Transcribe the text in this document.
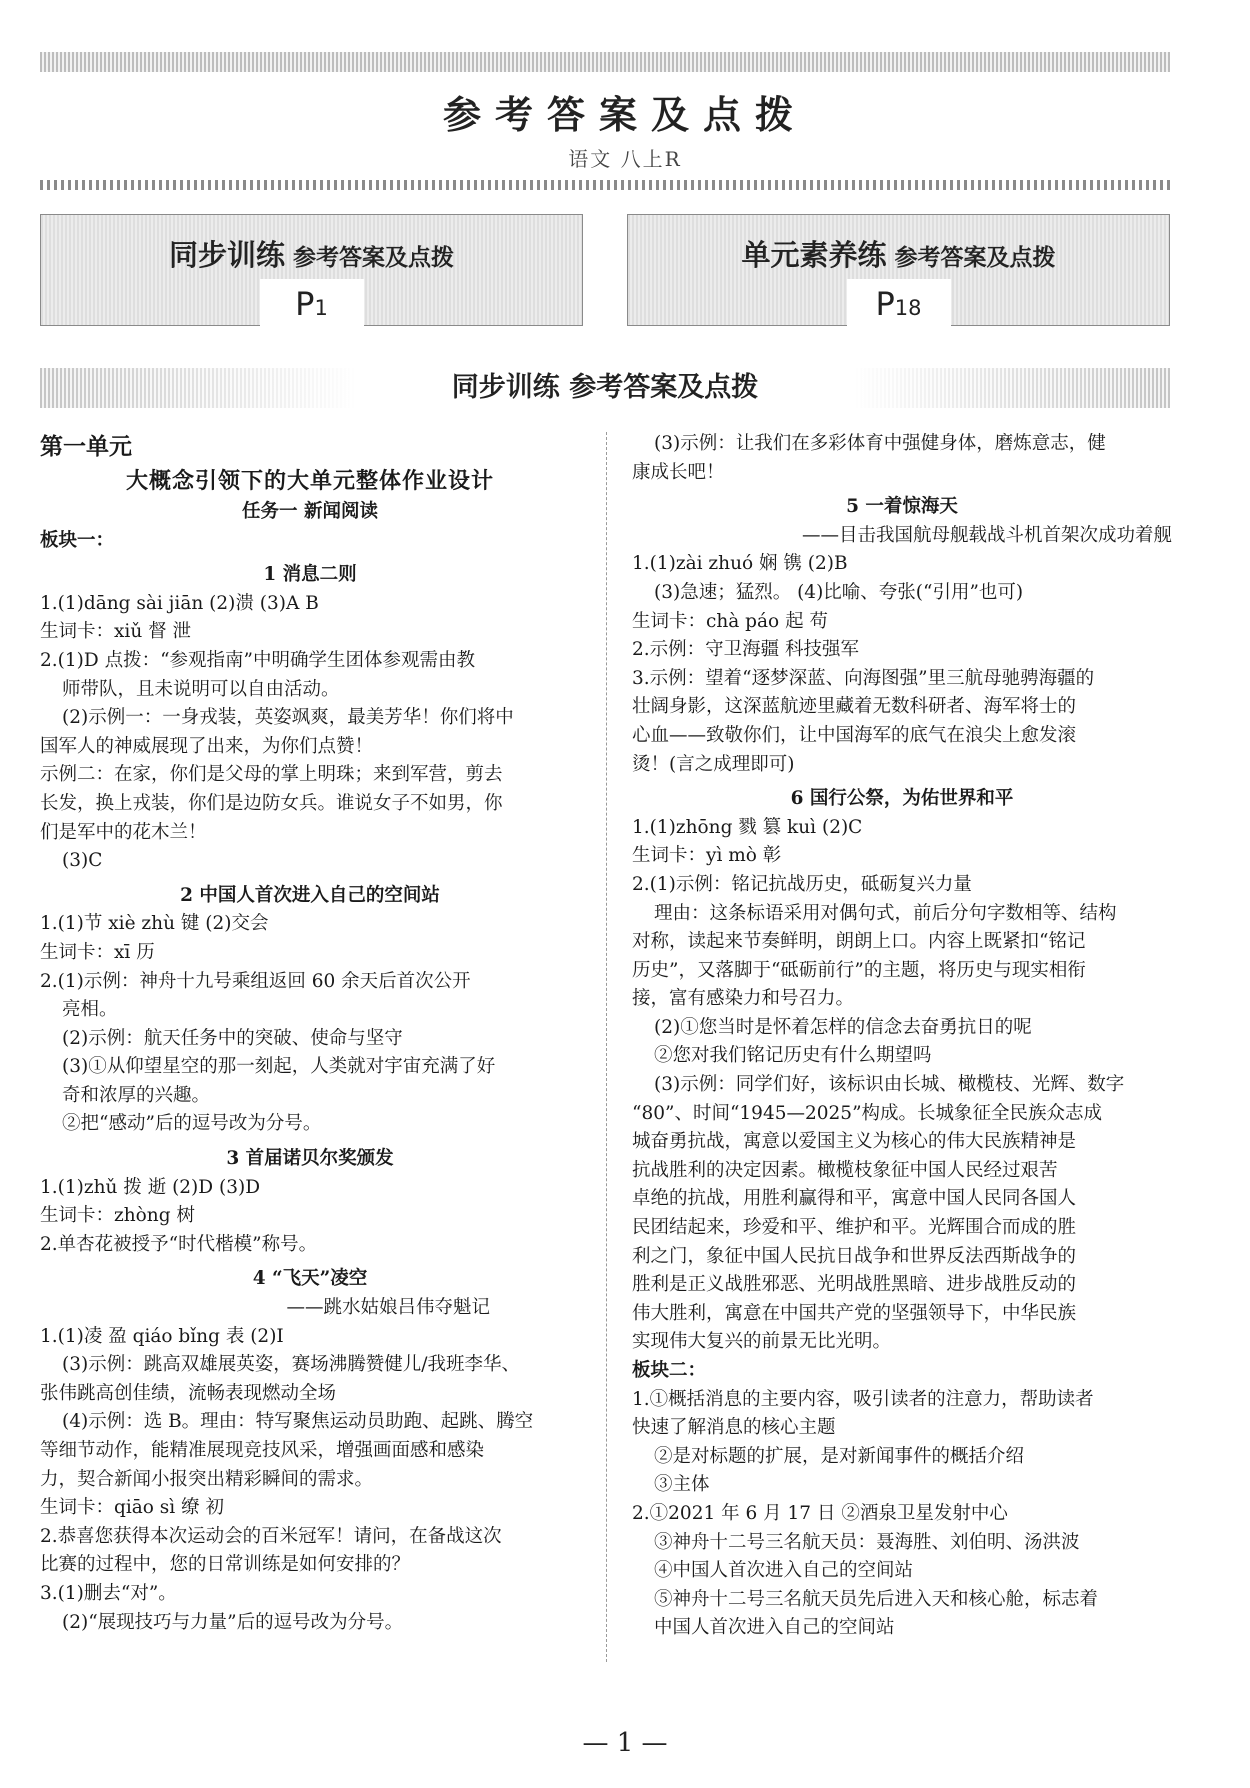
参考答案及点拨
语文 八上R
同步训练 参考答案及点拨
P1
单元素养练 参考答案及点拨
P18
同步训练 参考答案及点拨
第一单元
大概念引领下的大单元整体作业设计
任务一 新闻阅读
板块一：
1 消息二则
1.(1)dāng sài jiān (2)溃 (3)A B
生词卡：xiǔ 督 泄
2.(1)D 点拨：“参观指南”中明确学生团体参观需由教
师带队，且未说明可以自由活动。
(2)示例一：一身戎装，英姿飒爽，最美芳华！你们将中
国军人的神威展现了出来，为你们点赞！
示例二：在家，你们是父母的掌上明珠；来到军营，剪去
长发，换上戎装，你们是边防女兵。谁说女子不如男，你
们是军中的花木兰！
(3)C
2 中国人首次进入自己的空间站
1.(1)节 xiè zhù 键 (2)交会
生词卡：xī 历
2.(1)示例：神舟十九号乘组返回 60 余天后首次公开
亮相。
(2)示例：航天任务中的突破、使命与坚守
(3)①从仰望星空的那一刻起，人类就对宇宙充满了好
奇和浓厚的兴趣。
②把“感动”后的逗号改为分号。
3 首届诺贝尔奖颁发
1.(1)zhǔ 拨 逝 (2)D (3)D
生词卡：zhòng 树
2.单杏花被授予“时代楷模”称号。
4 “飞天”凌空
——跳水姑娘吕伟夺魁记
1.(1)凌 盈 qiáo bǐng 表 (2)I
(3)示例：跳高双雄展英姿，赛场沸腾赞健儿/我班李华、
张伟跳高创佳绩，流畅表现燃动全场
(4)示例：选 B。理由：特写聚焦运动员助跑、起跳、腾空
等细节动作，能精准展现竞技风采，增强画面感和感染
力，契合新闻小报突出精彩瞬间的需求。
生词卡：qiāo sì 缭 初
2.恭喜您获得本次运动会的百米冠军！请问，在备战这次
比赛的过程中，您的日常训练是如何安排的？
3.(1)删去“对”。
(2)“展现技巧与力量”后的逗号改为分号。
(3)示例：让我们在多彩体育中强健身体，磨炼意志，健
康成长吧！
5 一着惊海天
——目击我国航母舰载战斗机首架次成功着舰
1.(1)zài zhuó 娴 镌 (2)B
(3)急速；猛烈。 (4)比喻、夸张(“引用”也可)
生词卡：chà páo 起 苟
2.示例：守卫海疆 科技强军
3.示例：望着“逐梦深蓝、向海图强”里三航母驰骋海疆的
壮阔身影，这深蓝航迹里藏着无数科研者、海军将士的
心血——致敬你们，让中国海军的底气在浪尖上愈发滚
烫！(言之成理即可)
6 国行公祭，为佑世界和平
1.(1)zhōng 戮 篡 kuì (2)C
生词卡：yì mò 彰
2.(1)示例：铭记抗战历史，砥砺复兴力量
理由：这条标语采用对偶句式，前后分句字数相等、结构
对称，读起来节奏鲜明，朗朗上口。内容上既紧扣“铭记
历史”，又落脚于“砥砺前行”的主题，将历史与现实相衔
接，富有感染力和号召力。
(2)①您当时是怀着怎样的信念去奋勇抗日的呢
②您对我们铭记历史有什么期望吗
(3)示例：同学们好，该标识由长城、橄榄枝、光辉、数字
“80”、时间“1945—2025”构成。长城象征全民族众志成
城奋勇抗战，寓意以爱国主义为核心的伟大民族精神是
抗战胜利的决定因素。橄榄枝象征中国人民经过艰苦
卓绝的抗战，用胜利赢得和平，寓意中国人民同各国人
民团结起来，珍爱和平、维护和平。光辉围合而成的胜
利之门，象征中国人民抗日战争和世界反法西斯战争的
胜利是正义战胜邪恶、光明战胜黑暗、进步战胜反动的
伟大胜利，寓意在中国共产党的坚强领导下，中华民族
实现伟大复兴的前景无比光明。
板块二：
1.①概括消息的主要内容，吸引读者的注意力，帮助读者
快速了解消息的核心主题
②是对标题的扩展，是对新闻事件的概括介绍
③主体
2.①2021 年 6 月 17 日 ②酒泉卫星发射中心
③神舟十二号三名航天员：聂海胜、刘伯明、汤洪波
④中国人首次进入自己的空间站
⑤神舟十二号三名航天员先后进入天和核心舱，标志着
中国人首次进入自己的空间站
— 1 —
